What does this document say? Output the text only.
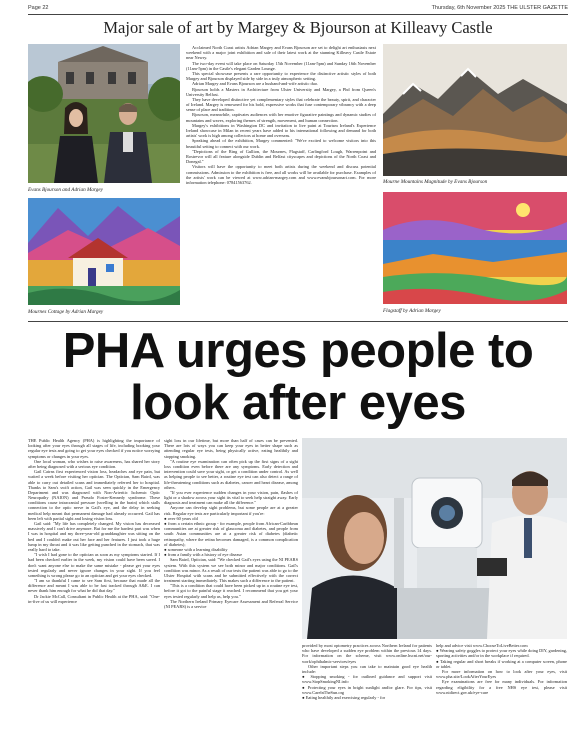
Page 22	Thursday, 6th November 2025 THE ULSTER GAZETTE
Major sale of art by Margey & Bjourson at Killeavy Castle
Evans Bjourson and Adrian Margey
Mournes Cottage by Adrian Margey

Acclaimed North Coast artists Adrian Margey and Evans Bjourson are set to delight art enthusiasts next weekend with a major joint exhibition and sale of their latest work at the stunning Killeavy Castle Estate near Newry.

The two-day event will take place on Saturday 15th November (11am-5pm) and Sunday 16th November (11am-5pm) in the Castle's elegant Garden Lounge.

This special showcase presents a rare opportunity to experience the distinctive artistic styles of both Margey and Bjourson displayed side by side in a truly atmospheric setting.

Adrian Margey and Evans Bjourson are a husband-and-wife artistic duo.

Bjourson holds a Masters in Architecture from Ulster University and Margey, a Phd from Queen's University Belfast.

They have developed distinctive yet complementary styles that celebrate the beauty, spirit, and character of Ireland. Margey is renowned for his bold, expressive works that fuse contemporary vibrancy with a deep sense of place and tradition.

Bjourson, meanwhile, captivates audiences with her emotive figurative paintings and dynamic studies of mountains and waves, exploring themes of strength, movement, and human connection.

Margey's exhibitions in Washington DC and invitation to live paint at Tourism Ireland's Experience Ireland showcase in Milan in recent years have added to his international following and demand for both artists' work is high among collectors at home and overseas.

Speaking ahead of the exhibition, Margey commented: "We're excited to welcome visitors into this beautiful setting to connect with our work.

"Depictions of the Ring of Gullion, the Mournes, Flagstaff, Carlingford Lough, Warrenpoint and Rostrevor will all feature alongside Dublin and Belfast cityscapes and depictions of the North Coast and Donegal."

Visitors will have the opportunity to meet both artists during the weekend and discuss potential commissions. Admission to the exhibition is free, and all works will be available for purchase. Examples of the artists' work can be viewed at www.adrian-margey.com and www.evansbjoursonart.com. For more information telephone: 07841563762.	Mourne Mountains Magnitude by Evans Bjourson
Flagstaff by Adrian Margey
PHA urges people to
look after eyes

THE Public Health Agency (PHA) is highlighting the importance of looking after your eyes through all stages of life, including booking your regular eye tests and going to get your eyes checked if you notice worrying symptoms or changes in your eyes.

One local woman, who wishes to raise awareness, has shared her story after being diagnosed with a serious eye condition.

Gail Cairns first experienced vision loss, headaches and eye pain, but waited a week before visiting her optician. The Optician, Sam Baird, was able to carry out detailed scans and immediately referred her to hospital. Thanks to Sam's swift action, Gail was seen quickly in the Emergency Department and was diagnosed with Non-Arteritic Ischemic Optic Neuropathy (NAION) and Pseudo Foster-Kennedy syndrome. These conditions cause intracranial pressure (swelling in the brain) which stalls connection to the optic nerve in Gail's eye, and the delay in seeking medical help meant that permanent damage had already occurred. Gail has been left with partial sight and losing vision loss.

Gail said: "My life has completely changed. My vision has decreased massively and I can't drive anymore. But for me the hardest part was when I was in hospital and my three-year-old granddaughter was sitting on the bed and I couldn't make out her face and her features. I just took a huge lump in my throat and it was like getting punched in the stomach, that was really hard to take.

"I wish I had gone to the optician as soon as my symptoms started. If I had been checked earlier in the week, my vision could have been saved. I don't want anyone else to make the same mistake - please get your eyes tested regularly and never ignore changes in your sight. If you feel something is wrong please go to an optician and get your eyes checked.

"I am so thankful I came to see Sam first, because that made all the difference and meant I was able to be fast tracked through A&E. I can never thank him enough for what he did that day."

Dr Jackie McCall, Consultant in Public Health at the PHA, said: "One-in-five of us will experience

sight loss in our lifetime, but more than half of cases can be prevented. There are lots of ways you can keep your eyes in better shape such as attending regular eye tests, being physically active, eating healthily and stopping smoking.

"A routine eye examination can often pick up the first signs of a sight loss condition even before there are any symptoms. Early detection and intervention could save your sight, or get a condition under control. As well as helping people to see better, a routine eye test can also detect a range of life-threatening conditions such as diabetes, cancer and heart disease, among others.

"If you ever experience sudden changes in your vision, pain, flashes of light or a shadow across your sight its vital to seek help straight away. Early diagnosis and treatment can make all the difference."

Anyone can develop sight problems, but some people are at a greater risk. Regular eye tests are particularly important if you're:

● over 60 years old

● from a certain ethnic group - for example, people from African-Caribbean communities are at greater risk of glaucoma and diabetes, and people from south Asian communities are at a greater risk of diabetes (diabetic retinopathy, where the retina becomes damaged, is a common complication of diabetes);

● someone with a learning disability

● from a family with a history of eye disease

Sam Baird, Optician, said: "We checked Gail's eyes using the NI PEARS system. With this system we see both minor and major conditions. Gail's condition was minor. As a result of our tests the patient was able to go to the Ulster Hospital with scans and be submitted effectively with the correct treatment starting immediately. This makes such a difference to the patient.

"This is a condition that could have been picked up in a routine eye test, before it got to the painful stage it reached. I recommend that you get your eyes tested regularly and help us, help you."

The Northern Ireland Primary Eyecare Assessment and Referral Service (NI PEARS) is a service

provided by most optometry practices across Northern Ireland for patients who have developed a sudden eye problem within the previous 14 days. For information on the scheme, visit www.online.hscni.net/our-work/ophthalmic-services/eyes

Other important steps you can take to maintain good eye health include:

● Stopping smoking - for outlined guidance and support visit www.StopSmokingNI.info

● Protecting your eyes in bright sunlight and/or glare. For tips, visit www.CarelnTheSun.org

● Eating healthily and exercising regularly - for

help and advice visit www.ChooseToLiveBetter.com

● Wearing safety goggles to protect your eyes while doing DIY, gardening, sporting activities and/or in the workplace if required.

● Taking regular and short breaks if working at a computer screen, phone or tablet.

For more information on how to look after your eyes, visit www.pha.site/LookAfterYourEyes

Eye examinations are free for many individuals. For information regarding eligibility for a free NHS eye test, please visit www.nidirect.gov.uk/eye-care
